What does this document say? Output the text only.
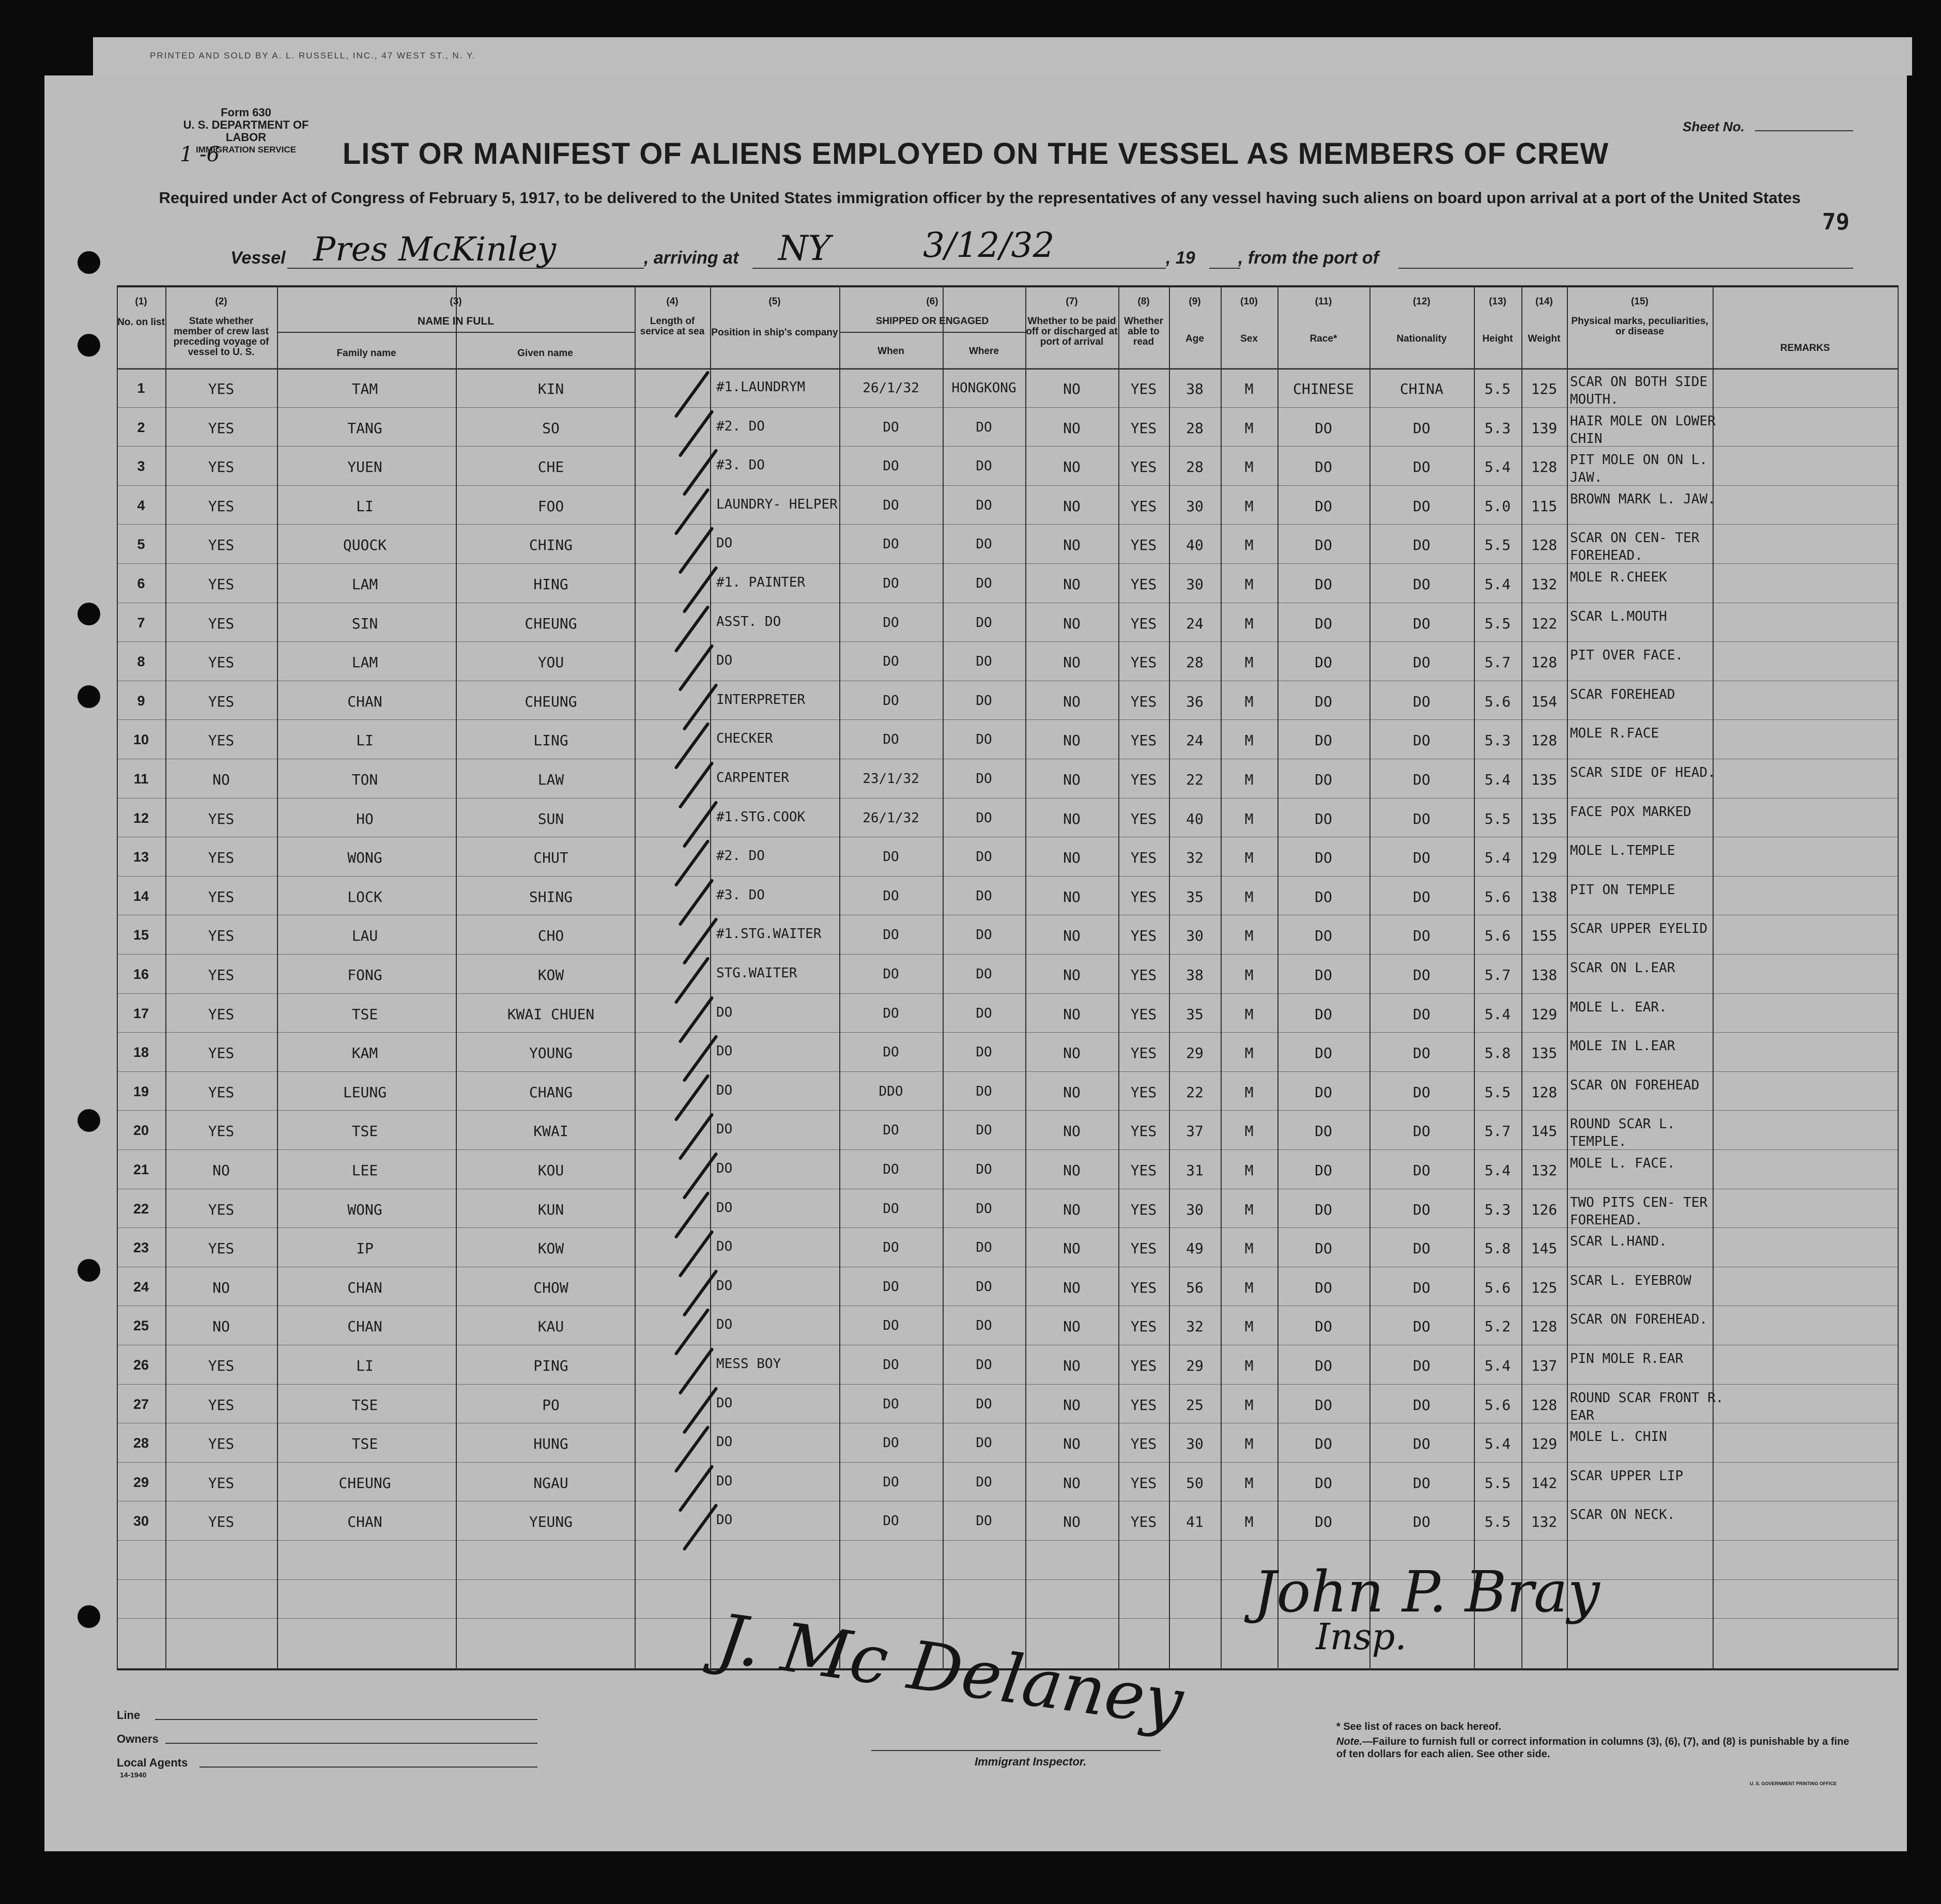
PRINTED AND SOLD BY A. L. RUSSELL, INC., 47 WEST ST., N. Y.
Form 630
U. S. DEPARTMENT OF LABOR
IMMIGRATION SERVICE
1 -6
Sheet No.
79
LIST OR MANIFEST OF ALIENS EMPLOYED ON THE VESSEL AS MEMBERS OF CREW
Required under Act of Congress of February 5, 1917, to be delivered to the United States immigration officer by the representatives of any vessel having such aliens on board upon arrival at a port of the United States
Vessel Pres McKinley	, arriving at NY	3/12/32	, 19 , from the port of
(1)
No. on list
(2)
State whether member of crew last preceding voyage of vessel to U. S.
(3)
NAME IN FULL
Family name	Given name
(4)
Length of service at sea
(5)
Position in ship's company
(6)
SHIPPED OR ENGAGED
When	Where
(7)
Whether to be paid off or discharged at port of arrival
(8)
Whether able to read
(9)
Age
(10)
Sex
(11)
Race*
(12)
Nationality
(13)
Height
(14)
Weight
(15)
Physical marks, peculiarities, or disease
REMARKS
1	YES	TAM	KIN	#1.LAUNDRYM	26/1/32	HONGKONG	NO	YES	38	M	CHINESE	CHINA	5.5	125 SCAR ON BOTH SIDE MOUTH.
2	YES	TANG	SO	#2. DO	DO	DO	NO	YES	28	M	DO	DO	5.3	139 HAIR MOLE ON LOWER CHIN
3	YES	YUEN	CHE	#3. DO	DO	DO	NO	YES	28	M	DO	DO	5.4	128 PIT MOLE ON ON L. JAW.
4	YES	LI	FOO	LAUNDRY- HELPER	DO	DO	NO	YES	30	M	DO	DO	5.0	115 BROWN MARK L. JAW.
5	YES	QUOCK	CHING	DO	DO	DO	NO	YES	40	M	DO	DO	5.5	128 SCAR ON CEN- TER FOREHEAD.
6	YES	LAM	HING	#1. PAINTER	DO	DO	NO	YES	30	M	DO	DO	5.4	132 MOLE R.CHEEK
7	YES	SIN	CHEUNG	ASST. DO	DO	DO	NO	YES	24	M	DO	DO	5.5	122 SCAR L.MOUTH
8	YES	LAM	YOU	DO	DO	DO	NO	YES	28	M	DO	DO	5.7	128 PIT OVER FACE.
9	YES	CHAN	CHEUNG	INTERPRETER	DO	DO	NO	YES	36	M	DO	DO	5.6	154 SCAR FOREHEAD
10	YES	LI	LING	CHECKER	DO	DO	NO	YES	24	M	DO	DO	5.3	128 MOLE R.FACE
11	NO	TON	LAW	CARPENTER	23/1/32	DO	NO	YES	22	M	DO	DO	5.4	135 SCAR SIDE OF HEAD.
12	YES	HO	SUN	#1.STG.COOK	26/1/32	DO	NO	YES	40	M	DO	DO	5.5	135 FACE POX MARKED
13	YES	WONG	CHUT	#2. DO	DO	DO	NO	YES	32	M	DO	DO	5.4	129 MOLE L.TEMPLE
14	YES	LOCK	SHING	#3. DO	DO	DO	NO	YES	35	M	DO	DO	5.6	138 PIT ON TEMPLE
15	YES	LAU	CHO	#1.STG.WAITER	DO	DO	NO	YES	30	M	DO	DO	5.6	155 SCAR UPPER EYELID
16	YES	FONG	KOW	STG.WAITER	DO	DO	NO	YES	38	M	DO	DO	5.7	138 SCAR ON L.EAR
17	YES	TSE	KWAI CHUEN	DO	DO	DO	NO	YES	35	M	DO	DO	5.4	129 MOLE L. EAR.
18	YES	KAM	YOUNG	DO	DO	DO	NO	YES	29	M	DO	DO	5.8	135 MOLE IN L.EAR
19	YES	LEUNG	CHANG	DO	DDO	DO	NO	YES	22	M	DO	DO	5.5	128 SCAR ON FOREHEAD
20	YES	TSE	KWAI	DO	DO	DO	NO	YES	37	M	DO	DO	5.7	145 ROUND SCAR L. TEMPLE.
21	NO	LEE	KOU	DO	DO	DO	NO	YES	31	M	DO	DO	5.4	132 MOLE L. FACE.
22	YES	WONG	KUN	DO	DO	DO	NO	YES	30	M	DO	DO	5.3	126 TWO PITS CEN- TER FOREHEAD.
23	YES	IP	KOW	DO	DO	DO	NO	YES	49	M	DO	DO	5.8	145 SCAR L.HAND.
24	NO	CHAN	CHOW	DO	DO	DO	NO	YES	56	M	DO	DO	5.6	125 SCAR L. EYEBROW
25	NO	CHAN	KAU	DO	DO	DO	NO	YES	32	M	DO	DO	5.2	128 SCAR ON FOREHEAD.
26	YES	LI	PING	MESS BOY	DO	DO	NO	YES	29	M	DO	DO	5.4	137 PIN MOLE R.EAR
27	YES	TSE	PO	DO	DO	DO	NO	YES	25	M	DO	DO	5.6	128 ROUND SCAR FRONT R. EAR
28	YES	TSE	HUNG	DO	DO	DO	NO	YES	30	M	DO	DO	5.4	129 MOLE L. CHIN
29	YES	CHEUNG	NGAU	DO	DO	DO	NO	YES	50	M	DO	DO	5.5	142 SCAR UPPER LIP
30	YES	CHAN	YEUNG	DO	DO	DO	NO	YES	41	M	DO	DO	5.5	132 SCAR ON NECK.
Line
Owners
Local Agents
14-1940
Immigrant Inspector.
J. Mc Delaney
John P. Bray
Insp.
* See list of races on back hereof.
Note.—Failure to furnish full or correct information in columns (3), (6), (7), and (8) is punishable by a fine of ten dollars for each alien. See other side.
U. S. GOVERNMENT PRINTING OFFICE
